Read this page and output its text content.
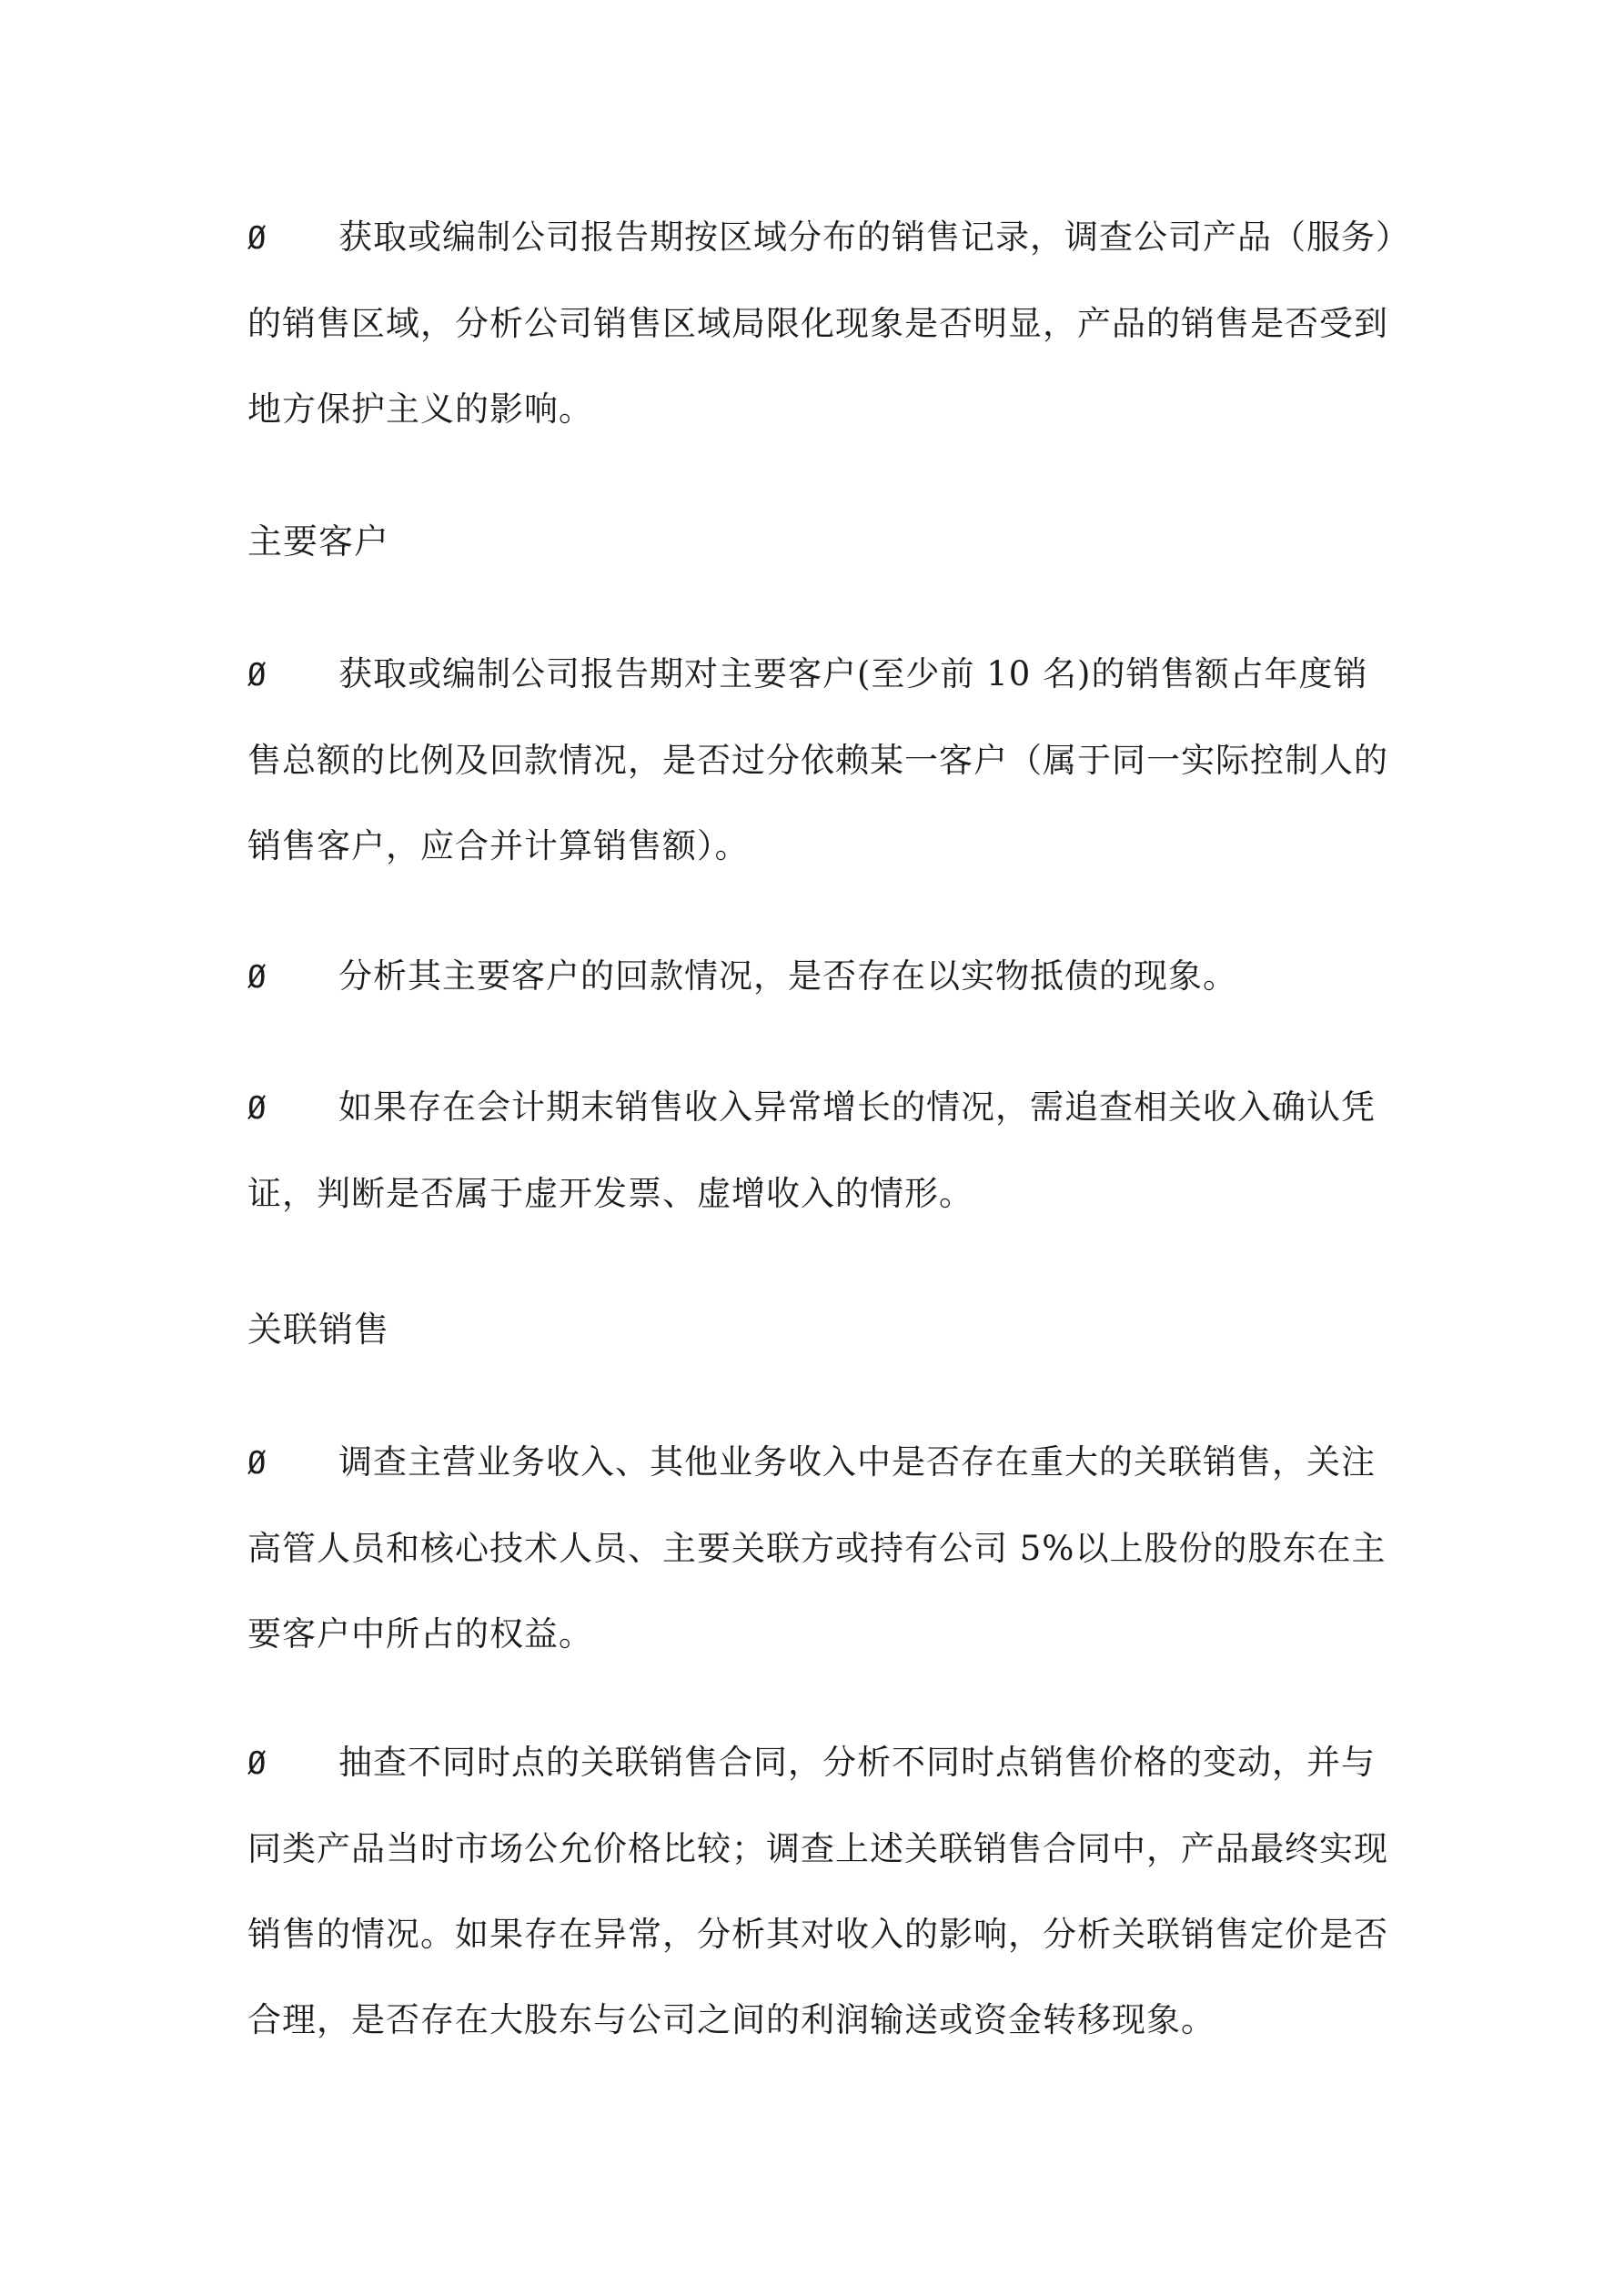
Ø 获取或编制公司报告期按区域分布的销售记录，调查公司产品（服务）的销售区域，分析公司销售区域局限化现象是否明显，产品的销售是否受到地方保护主义的影响。

主要客户

Ø 获取或编制公司报告期对主要客户(至少前 10 名)的销售额占年度销售总额的比例及回款情况，是否过分依赖某一客户（属于同一实际控制人的销售客户，应合并计算销售额）。

Ø 分析其主要客户的回款情况，是否存在以实物抵债的现象。

Ø 如果存在会计期末销售收入异常增长的情况，需追查相关收入确认凭证，判断是否属于虚开发票、虚增收入的情形。

关联销售

Ø 调查主营业务收入、其他业务收入中是否存在重大的关联销售，关注高管人员和核心技术人员、主要关联方或持有公司 5%以上股份的股东在主要客户中所占的权益。

Ø 抽查不同时点的关联销售合同，分析不同时点销售价格的变动，并与同类产品当时市场公允价格比较；调查上述关联销售合同中，产品最终实现销售的情况。如果存在异常，分析其对收入的影响，分析关联销售定价是否合理，是否存在大股东与公司之间的利润输送或资金转移现象。
